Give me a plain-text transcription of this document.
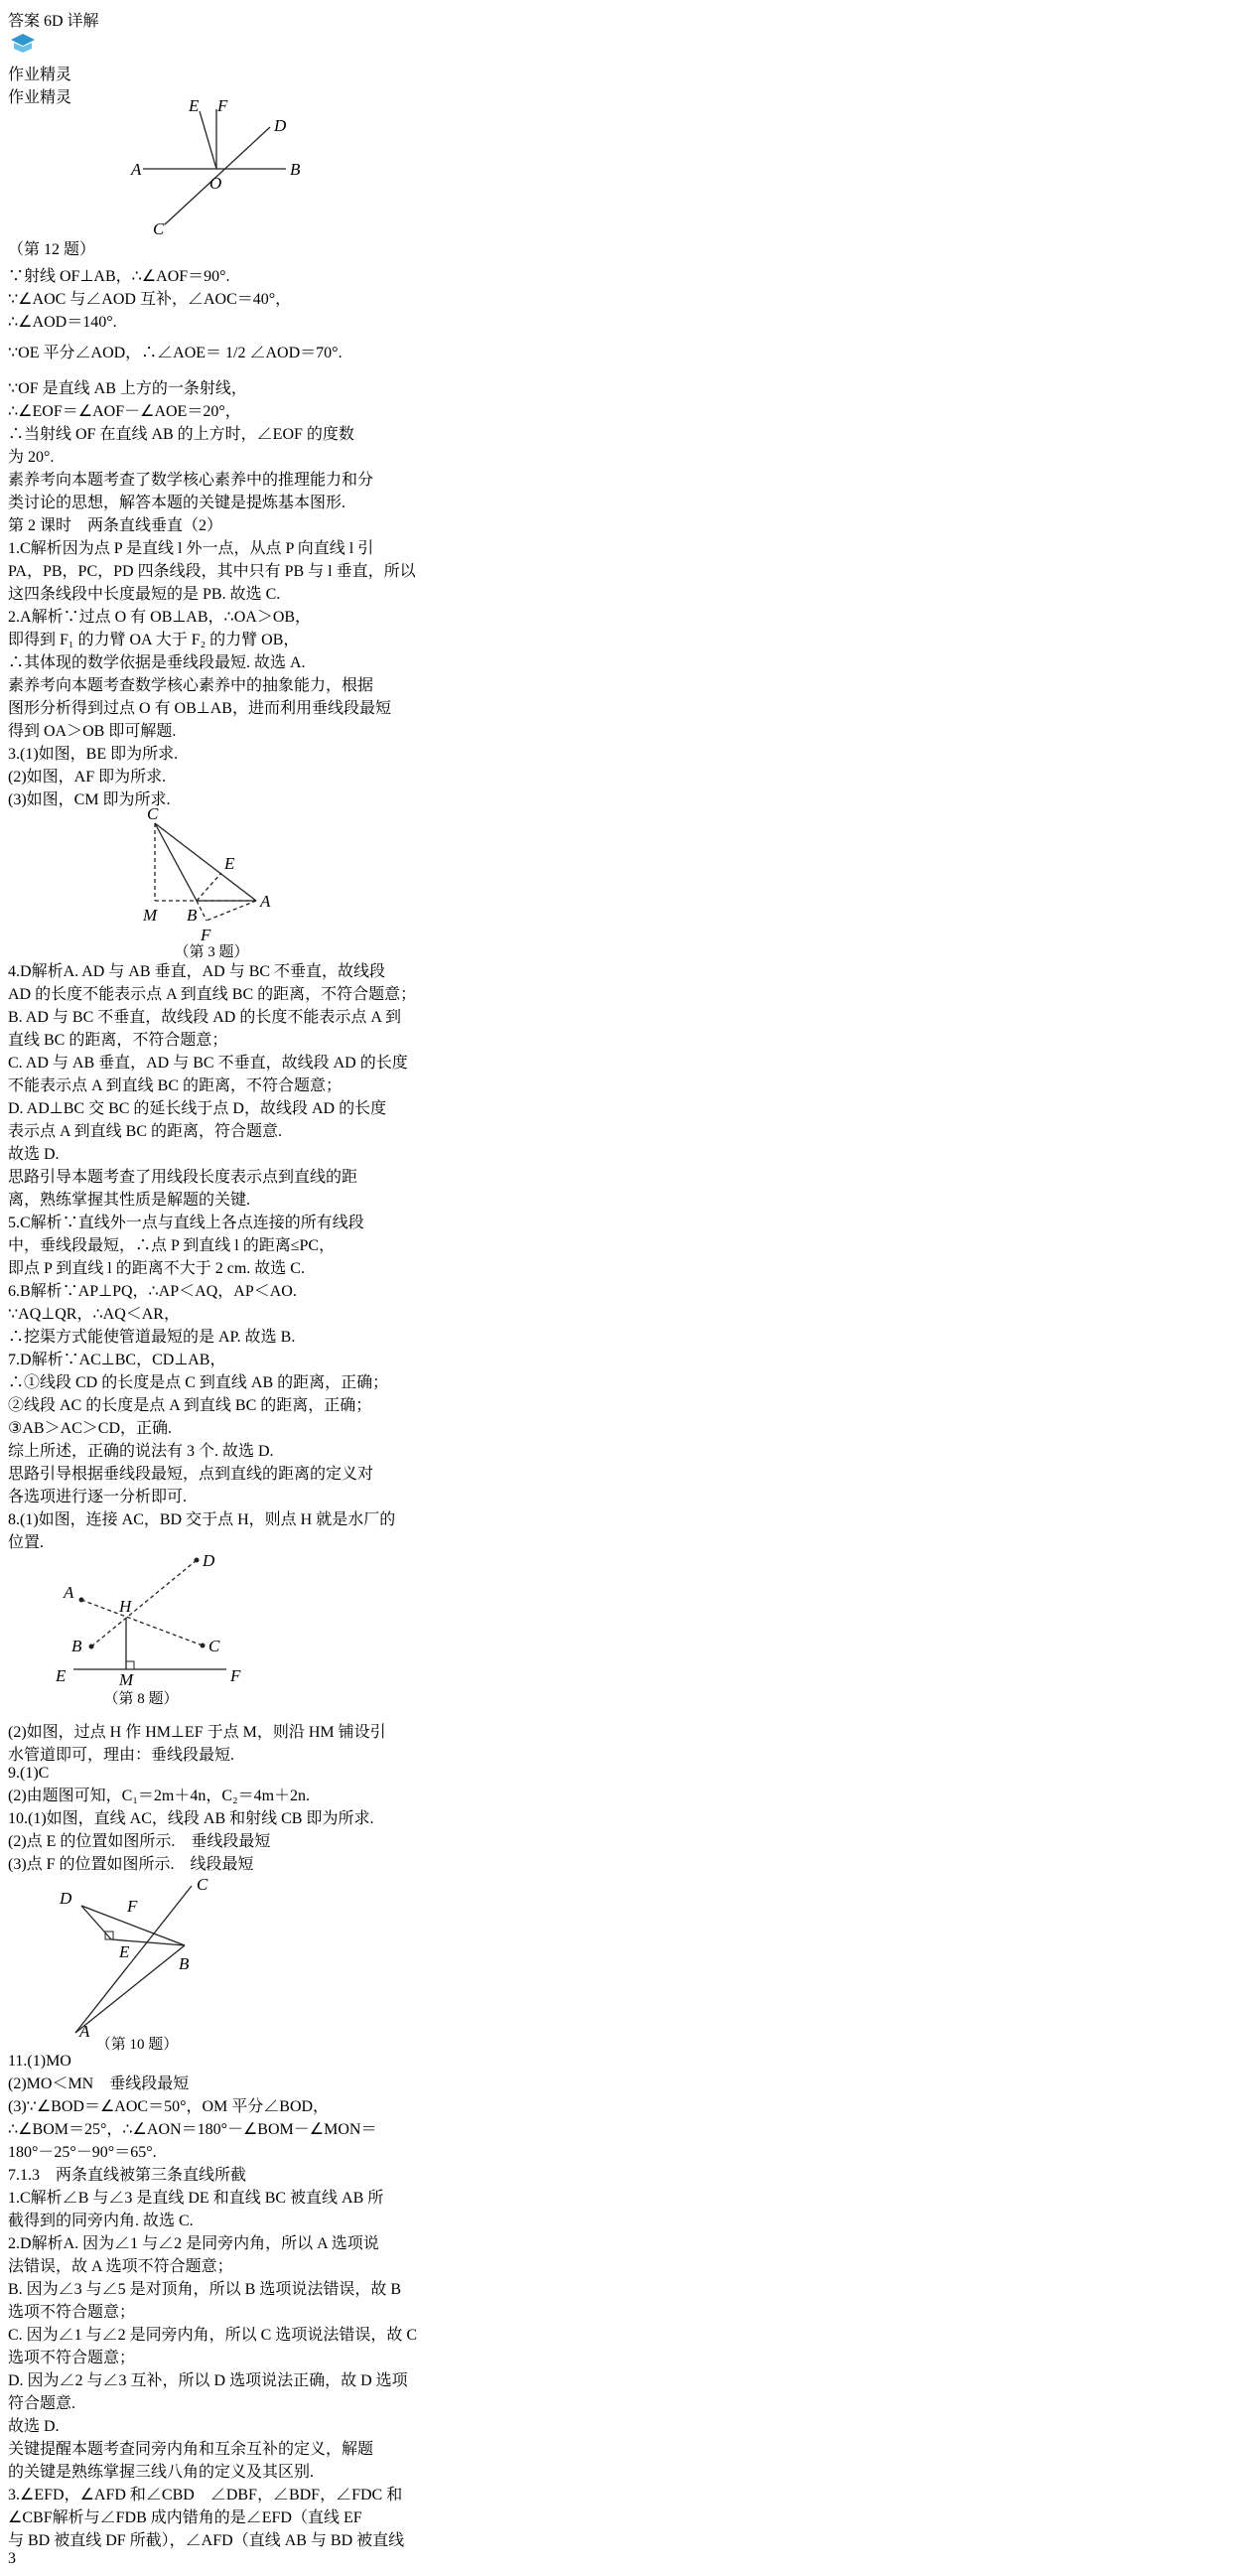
答案 6D 详解
作业精灵
作业精灵	E F
D
A
O
B
C
（第 12 题）
∵射线 OF⊥AB，∴∠AOF＝90°.
∵∠AOC 与∠AOD 互补，∠AOC＝40°，
∴∠AOD＝140°.
∵OE 平分∠AOD，∴∠AOE＝ 1/2 ∠AOD＝70°.
∵OF 是直线 AB 上方的一条射线，
∴∠EOF＝∠AOF－∠AOE＝20°，
∴当射线 OF 在直线 AB 的上方时，∠EOF 的度数
为 20°.
素养考向本题考查了数学核心素养中的推理能力和分
类讨论的思想，解答本题的关键是提炼基本图形.
第 2 课时　两条直线垂直（2）
1.C解析因为点 P 是直线 l 外一点，从点 P 向直线 l 引
PA，PB，PC，PD 四条线段，其中只有 PB 与 l 垂直，所以
这四条线段中长度最短的是 PB. 故选 C.
2.A解析∵过点 O 有 OB⊥AB，∴OA＞OB，
即得到 F₁ 的力臂 OA 大于 F₂ 的力臂 OB，
∴其体现的数学依据是垂线段最短. 故选 A.
素养考向本题考查数学核心素养中的抽象能力，根据
图形分析得到过点 O 有 OB⊥AB，进而利用垂线段最短
得到 OA＞OB 即可解题.
3.(1)如图，BE 即为所求.
(2)如图，AF 即为所求.
(3)如图，CM 即为所求.
C
E
M B
A
F
（第 3 题）
4.D解析A. AD 与 AB 垂直，AD 与 BC 不垂直，故线段
AD 的长度不能表示点 A 到直线 BC 的距离，不符合题意；
B. AD 与 BC 不垂直，故线段 AD 的长度不能表示点 A 到
直线 BC 的距离，不符合题意；
C. AD 与 AB 垂直，AD 与 BC 不垂直，故线段 AD 的长度
不能表示点 A 到直线 BC 的距离，不符合题意；
D. AD⊥BC 交 BC 的延长线于点 D，故线段 AD 的长度
表示点 A 到直线 BC 的距离，符合题意.
故选 D.
思路引导本题考查了用线段长度表示点到直线的距
离，熟练掌握其性质是解题的关键.
5.C解析∵直线外一点与直线上各点连接的所有线段
中，垂线段最短，∴点 P 到直线 l 的距离≤PC，
即点 P 到直线 l 的距离不大于 2 cm. 故选 C.
6.B解析∵AP⊥PQ，∴AP＜AQ，AP＜AO.
∵AQ⊥QR，∴AQ＜AR，
∴挖渠方式能使管道最短的是 AP. 故选 B.
7.D解析∵AC⊥BC，CD⊥AB，
∴①线段 CD 的长度是点 C 到直线 AB 的距离，正确；
②线段 AC 的长度是点 A 到直线 BC 的距离，正确；
③AB＞AC＞CD，正确.
综上所述，正确的说法有 3 个. 故选 D.
思路引导根据垂线段最短，点到直线的距离的定义对
各选项进行逐一分析即可.
8.(1)如图，连接 AC，BD 交于点 H，则点 H 就是水厂的
位置.
D
A
H
B	C
E	M	F
（第 8 题）
(2)如图，过点 H 作 HM⊥EF 于点 M，则沿 HM 铺设引
水管道即可，理由：垂线段最短.
9.(1)C
(2)由题图可知，C₁＝2m＋4n，C₂＝4m＋2n.
10.(1)如图，直线 AC，线段 AB 和射线 CB 即为所求.
(2)点 E 的位置如图所示.　垂线段最短
(3)点 F 的位置如图所示.　线段最短
C
D	F
E
B
A
（第 10 题）
11.(1)MO
(2)MO＜MN　垂线段最短
(3)∵∠BOD＝∠AOC＝50°，OM 平分∠BOD，
∴∠BOM＝25°，∴∠AON＝180°－∠BOM－∠MON＝
180°－25°－90°＝65°.
7.1.3　两条直线被第三条直线所截
1.C解析∠B 与∠3 是直线 DE 和直线 BC 被直线 AB 所
截得到的同旁内角. 故选 C.
2.D解析A. 因为∠1 与∠2 是同旁内角，所以 A 选项说
法错误，故 A 选项不符合题意；
B. 因为∠3 与∠5 是对顶角，所以 B 选项说法错误，故 B
选项不符合题意；
C. 因为∠1 与∠2 是同旁内角，所以 C 选项说法错误，故 C
选项不符合题意；
D. 因为∠2 与∠3 互补，所以 D 选项说法正确，故 D 选项
符合题意.
故选 D.
关键提醒本题考查同旁内角和互余互补的定义，解题
的关键是熟练掌握三线八角的定义及其区别.
3.∠EFD，∠AFD 和∠CBD　∠DBF，∠BDF，∠FDC 和
∠CBF解析与∠FDB 成内错角的是∠EFD（直线 EF
与 BD 被直线 DF 所截），∠AFD（直线 AB 与 BD 被直线
3
